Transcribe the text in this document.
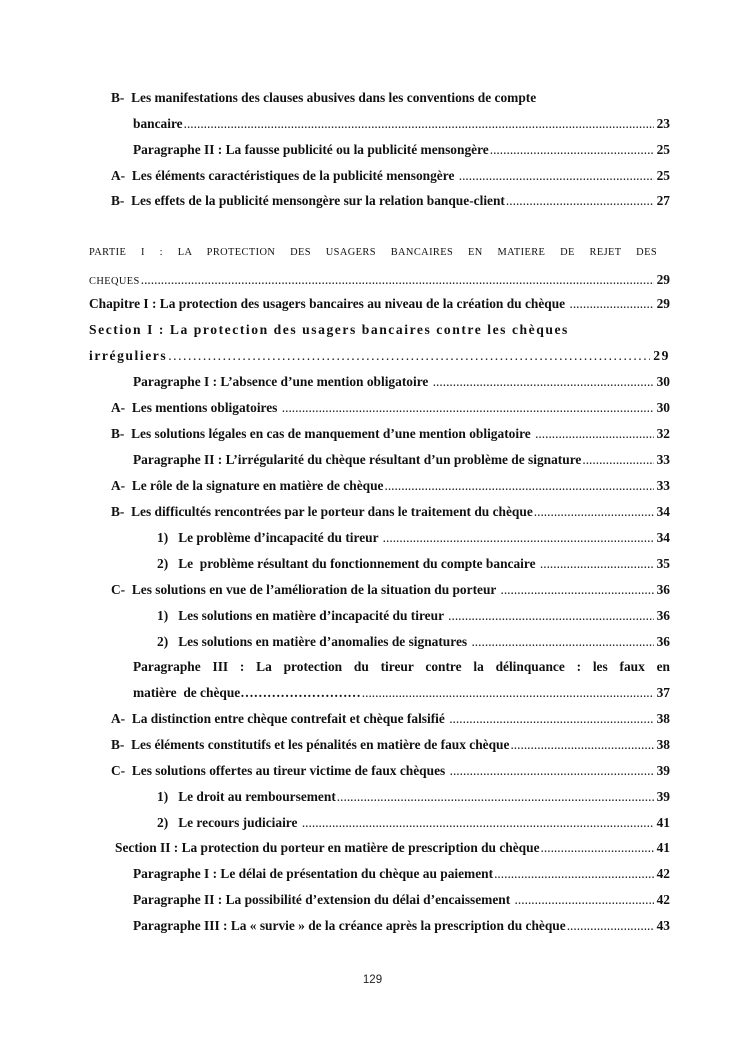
B-  Les manifestations des clauses abusives dans les conventions de compte
bancaire .....	23
Paragraphe II : La fausse publicité ou la publicité mensongère .....	25
A-  Les éléments caractéristiques de la publicité mensongère .....	25
B-  Les effets de la publicité mensongère sur la relation banque-client .....	27
PARTIE I : LA PROTECTION DES USAGERS BANCAIRES EN MATIERE DE REJET DES
CHEQUES .....	29
Chapitre I : La protection des usagers bancaires au niveau de la création du chèque .....	29
Section I : La protection des usagers bancaires contre les chèques
irréguliers .....	29
Paragraphe I : L’absence d’une mention obligatoire .....	30
A-  Les mentions obligatoires .....	30
B-  Les solutions légales en cas de manquement d’une mention obligatoire .....	32
Paragraphe II : L’irrégularité du chèque résultant d’un problème de signature .....	33
A-  Le rôle de la signature en matière de chèque .....	33
B-  Les difficultés rencontrées par le porteur dans le traitement du chèque .....	34
1)   Le problème d’incapacité du tireur .....	34
2)   Le  problème résultant du fonctionnement du compte bancaire .....	35
C-  Les solutions en vue de l’amélioration de la situation du porteur .....	36
1)   Les solutions en matière d’incapacité du tireur .....	36
2)   Les solutions en matière d’anomalies de signatures .....	36
Paragraphe III : La protection du tireur contre la délinquance : les faux en
matière  de chèque……………………… .....	37
A-  La distinction entre chèque contrefait et chèque falsifié .....	38
B-  Les éléments constitutifs et les pénalités en matière de faux chèque .....	38
C-  Les solutions offertes au tireur victime de faux chèques .....	39
1)   Le droit au remboursement .....	39
2)   Le recours judiciaire .....	41
Section II : La protection du porteur en matière de prescription du chèque .....	41
Paragraphe I : Le délai de présentation du chèque au paiement .....	42
Paragraphe II : La possibilité d’extension du délai d’encaissement .....	42
Paragraphe III : La « survie » de la créance après la prescription du chèque .....	43
129
